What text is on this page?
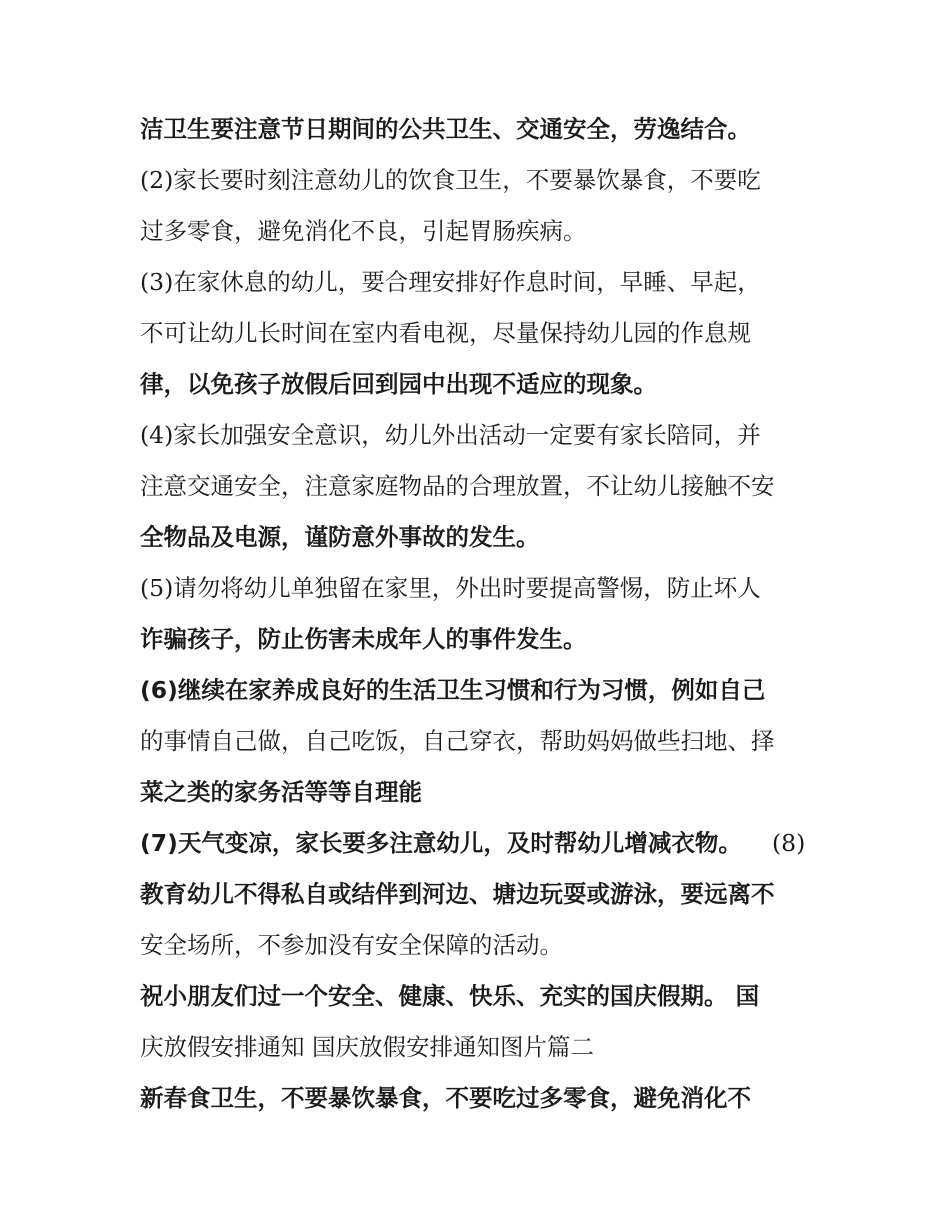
洁卫生要注意节日期间的公共卫生、交通安全，劳逸结合。
(2)家长要时刻注意幼儿的饮食卫生，不要暴饮暴食，不要吃
过多零食，避免消化不良，引起胃肠疾病。
(3)在家休息的幼儿，要合理安排好作息时间，早睡、早起，
不可让幼儿长时间在室内看电视，尽量保持幼儿园的作息规
律，以免孩子放假后回到园中出现不适应的现象。
(4)家长加强安全意识，幼儿外出活动一定要有家长陪同，并
注意交通安全，注意家庭物品的合理放置，不让幼儿接触不安
全物品及电源，谨防意外事故的发生。
(5)请勿将幼儿单独留在家里，外出时要提高警惕，防止坏人
诈骗孩子，防止伤害未成年人的事件发生。
(6)继续在家养成良好的生活卫生习惯和行为习惯，例如自己
的事情自己做，自己吃饭，自己穿衣，帮助妈妈做些扫地、择
菜之类的家务活等等自理能
(7)天气变凉，家长要多注意幼儿，及时帮幼儿增减衣物。	(8)
教育幼儿不得私自或结伴到河边、塘边玩耍或游泳，要远离不
安全场所，不参加没有安全保障的活动。
祝小朋友们过一个安全、健康、快乐、充实的国庆假期。 国
庆放假安排通知 国庆放假安排通知图片篇二
新春食卫生，不要暴饮暴食，不要吃过多零食，避免消化不
